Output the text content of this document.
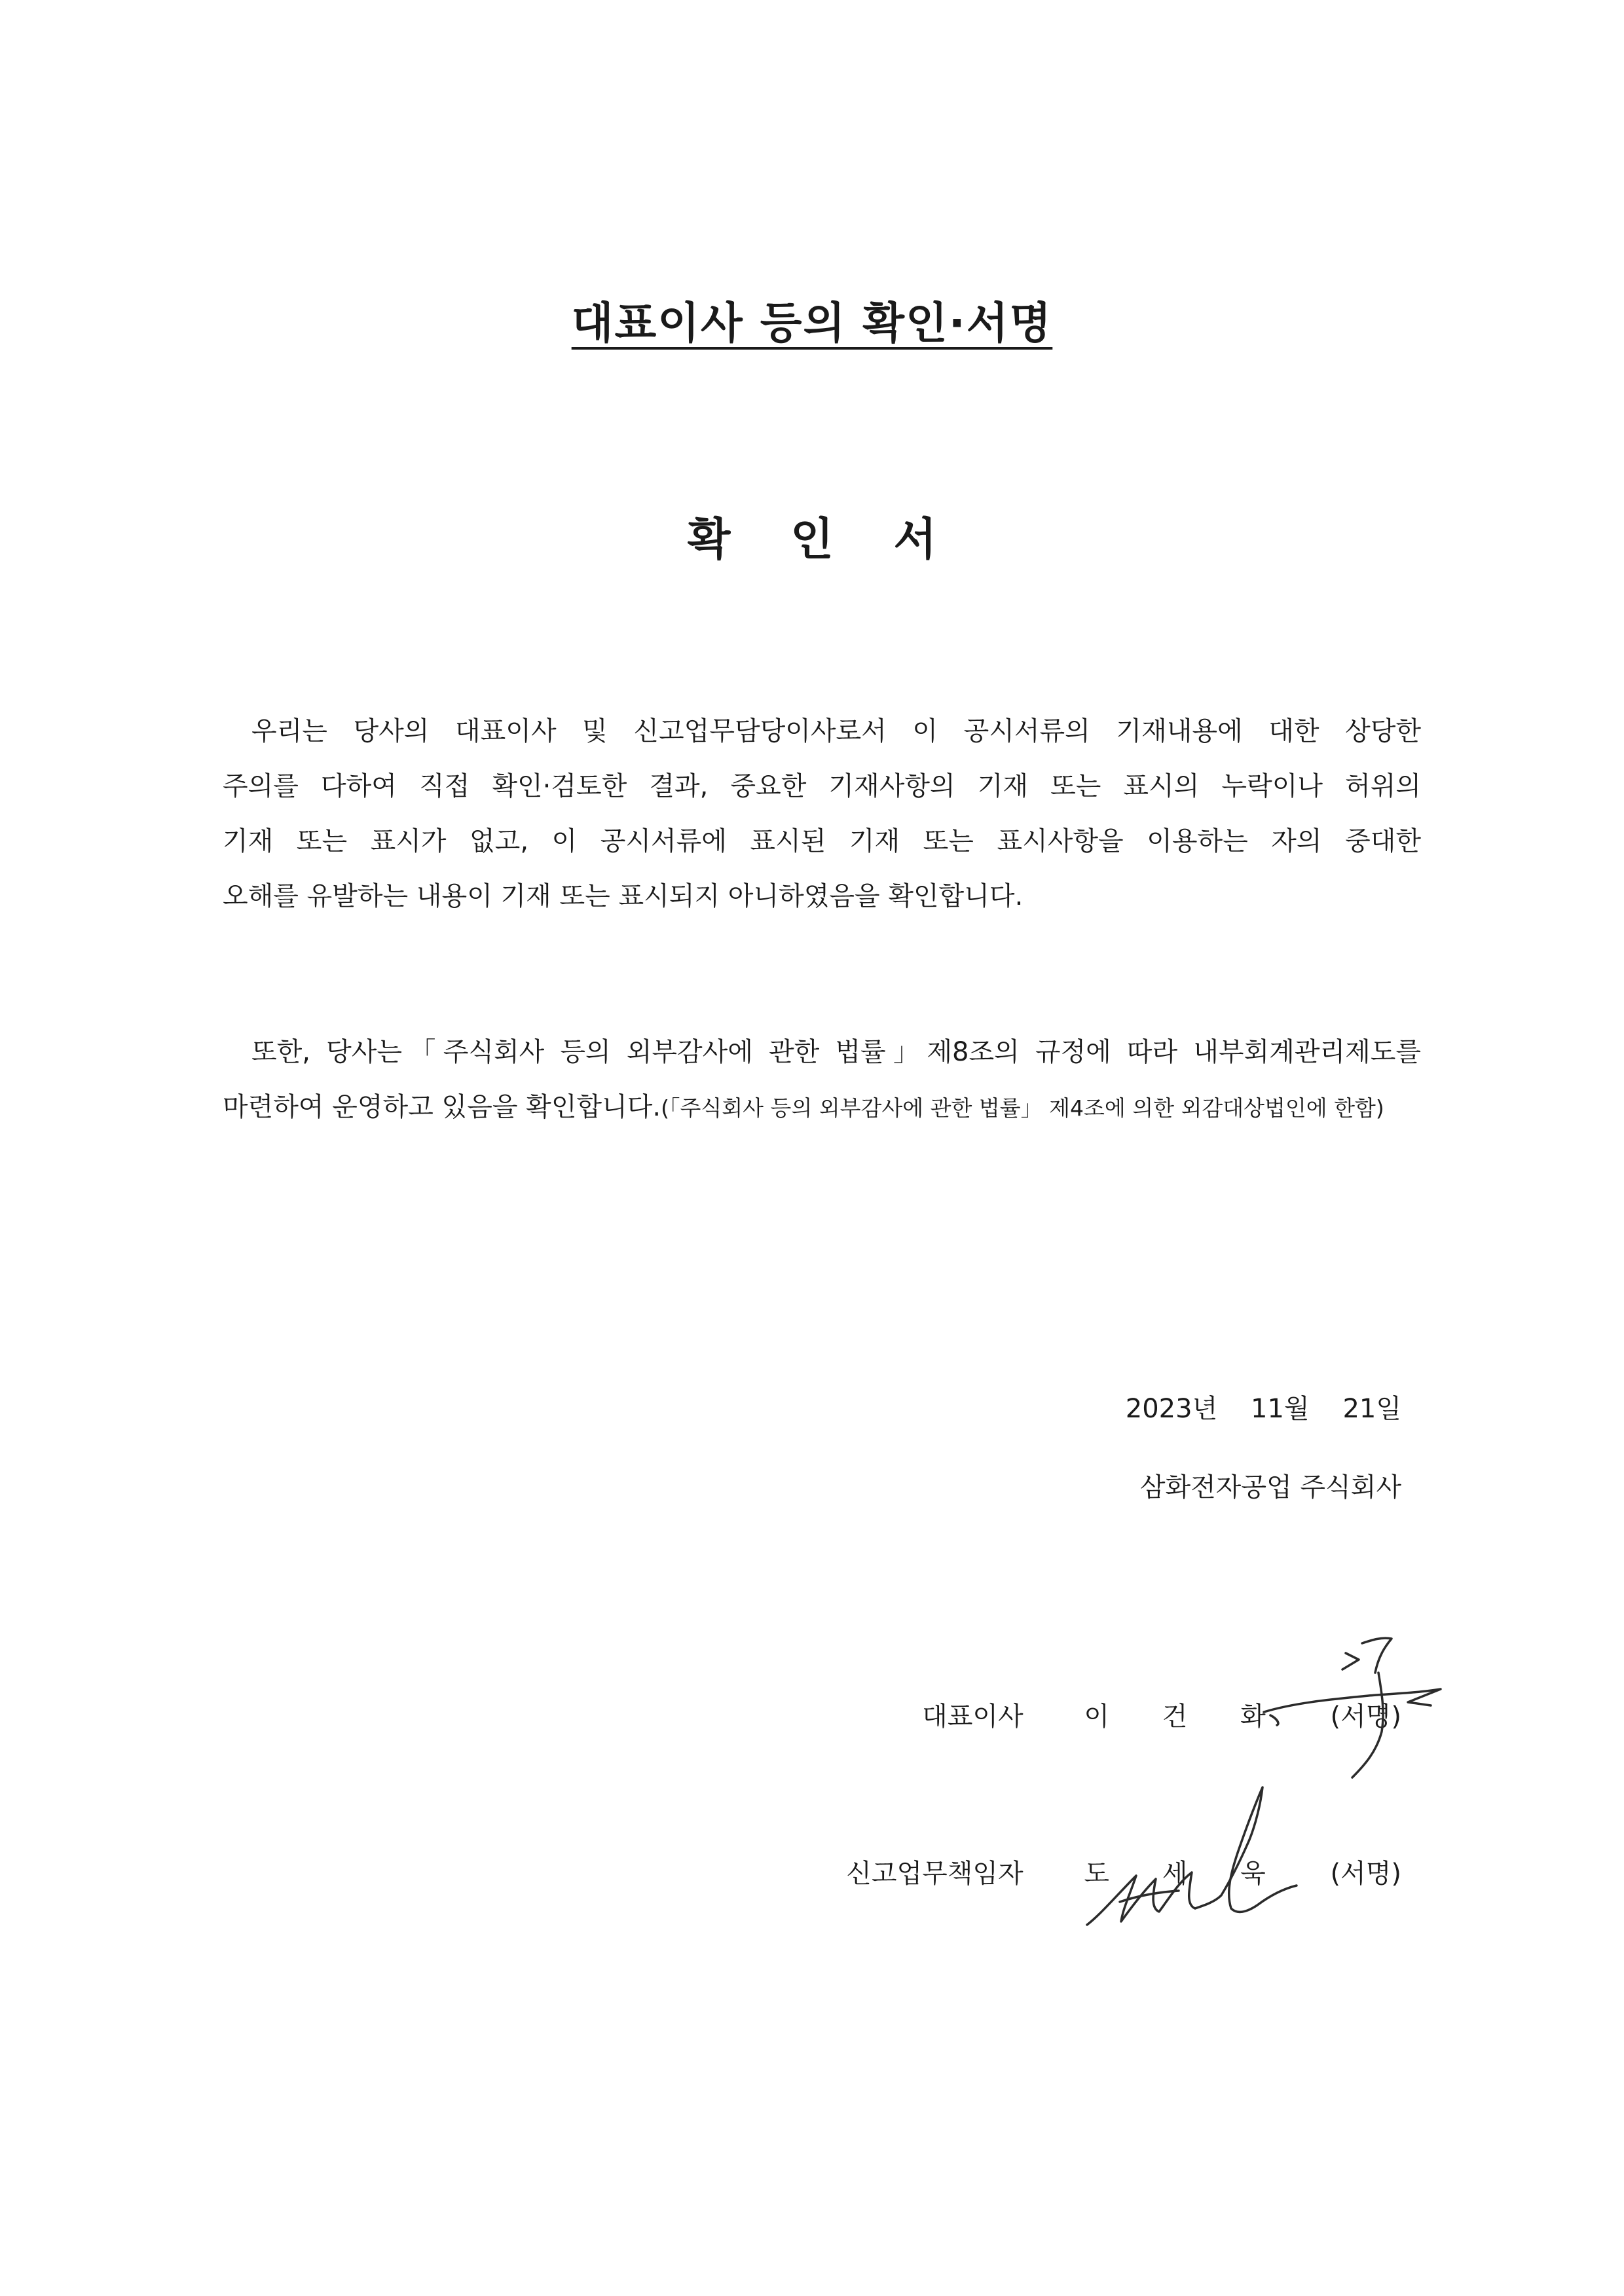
대표이사 등의 확인·서명
확 인 서
우리는 당사의 대표이사 및 신고업무담당이사로서 이 공시서류의 기재내용에 대한 상당한
주의를 다하여 직접 확인·검토한 결과, 중요한 기재사항의 기재 또는 표시의 누락이나 허위의
기재 또는 표시가 없고, 이 공시서류에 표시된 기재 또는 표시사항을 이용하는 자의 중대한
오해를 유발하는 내용이 기재 또는 표시되지 아니하였음을 확인합니다.
또한, 당사는「주식회사 등의 외부감사에 관한 법률」제8조의 규정에 따라 내부회계관리제도를
마련하여 운영하고 있음을 확인합니다.(「주식회사 등의 외부감사에 관한 법률」 제4조에 의한 외감대상법인에 한함)
2023년    11월    21일
삼화전자공업 주식회사
대표이사 이 건 화 (서명)
신고업무책임자 도 세 욱 (서명)
